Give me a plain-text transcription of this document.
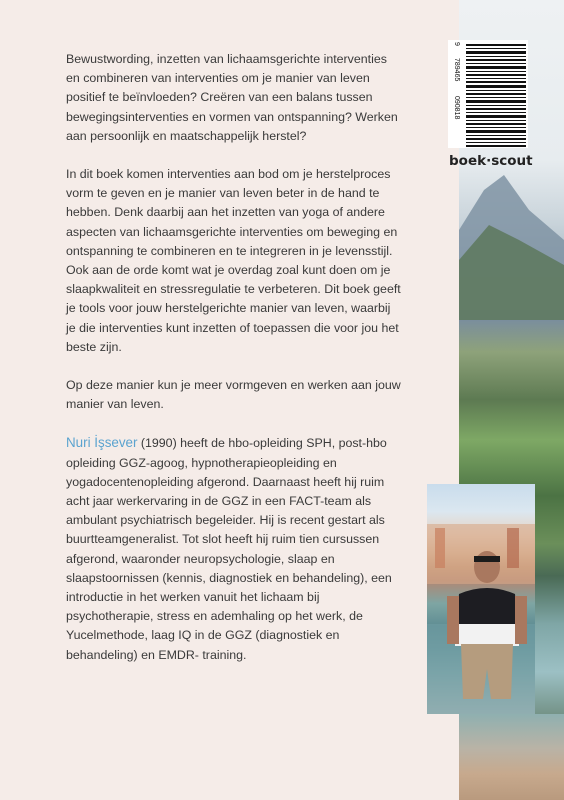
9
789465
090818
boek·scout

Bewustwording, inzetten van lichaamsgerichte interventies en combineren van interventies om je manier van leven positief te beïnvloeden? Creëren van een balans tussen bewegingsinterventies en vormen van ontspanning? Werken aan persoonlijk en maatschappelijk herstel?

In dit boek komen interventies aan bod om je herstelproces vorm te geven en je manier van leven beter in de hand te hebben. Denk daarbij aan het inzetten van yoga of andere aspecten van lichaamsgerichte interventies om beweging en ontspanning te combineren en te integreren in je levensstijl. Ook aan de orde komt wat je overdag zoal kunt doen om je slaapkwaliteit en stressregulatie te verbeteren. Dit boek geeft je tools voor jouw herstelgerichte manier van leven, waarbij je die interventies kunt inzetten of toepassen die voor jou het beste zijn.

Op deze manier kun je meer vormgeven en werken aan jouw manier van leven.

Nuri İşsever (1990) heeft de hbo-opleiding SPH, post-hbo opleiding GGZ-agoog, hypnotherapieopleiding en yogadocentenopleiding afgerond. Daarnaast heeft hij ruim acht jaar werkervaring in de GGZ in een FACT-team als ambulant psychiatrisch begeleider. Hij is recent gestart als buurtteamgeneralist. Tot slot heeft hij ruim tien cursussen afgerond, waaronder neuropsychologie, slaap en slaapstoornissen (kennis, diagnostiek en behandeling), een introductie in het werken vanuit het lichaam bij psychotherapie, stress en ademhaling op het werk, de Yucelmethode, laag IQ in de GGZ (diagnostiek en behandeling) en EMDR- training.
